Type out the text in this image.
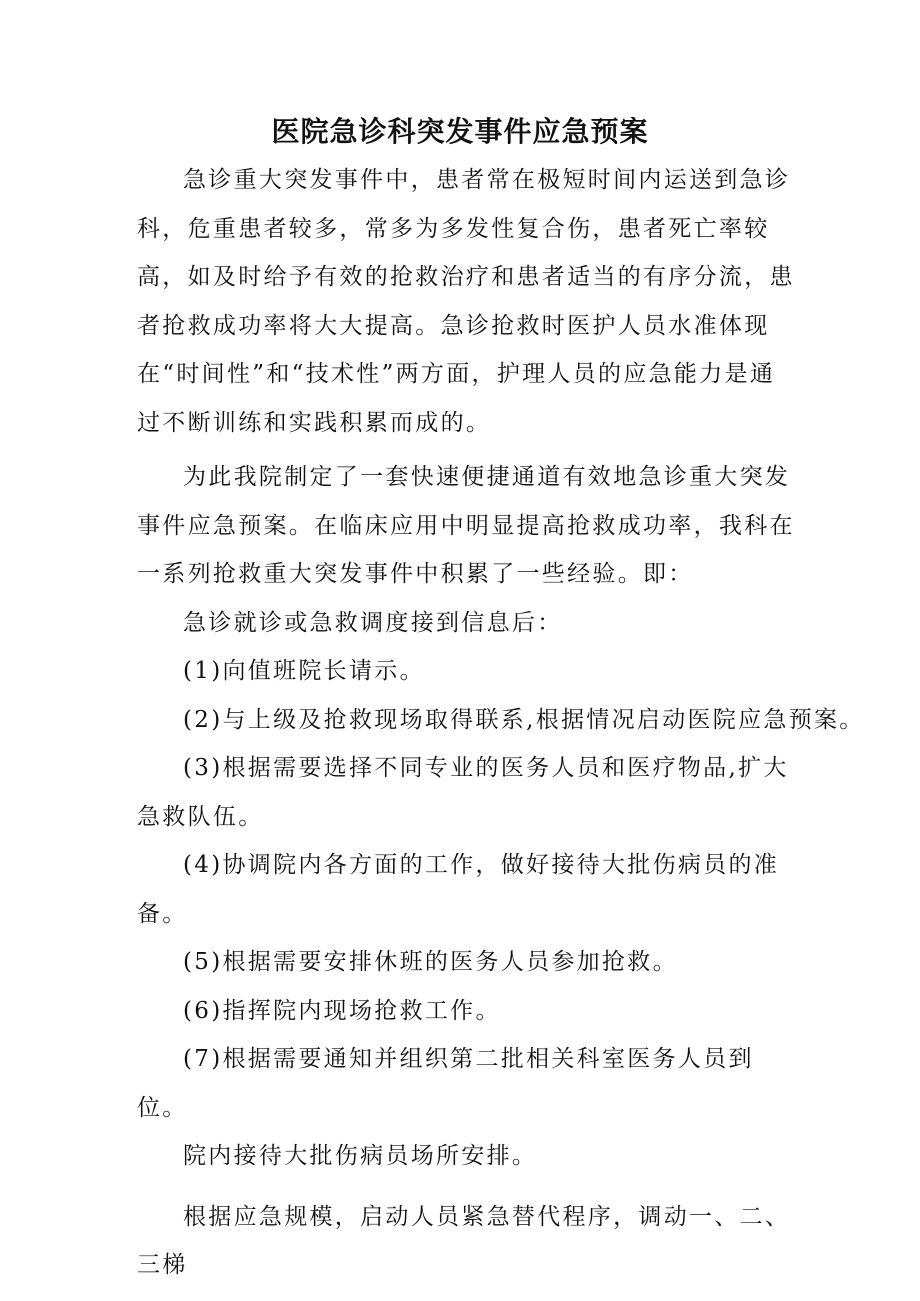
医院急诊科突发事件应急预案

急诊重大突发事件中，患者常在极短时间内运送到急诊科，危重患者较多，常多为多发性复合伤，患者死亡率较高，如及时给予有效的抢救治疗和患者适当的有序分流，患者抢救成功率将大大提高。急诊抢救时医护人员水准体现在“时间性”和“技术性”两方面，护理人员的应急能力是通过不断训练和实践积累而成的。

为此我院制定了一套快速便捷通道有效地急诊重大突发事件应急预案。在临床应用中明显提高抢救成功率，我科在一系列抢救重大突发事件中积累了一些经验。即：

急诊就诊或急救调度接到信息后：

(1)向值班院长请示。

(2)与上级及抢救现场取得联系,根据情况启动医院应急预案。

(3)根据需要选择不同专业的医务人员和医疗物品,扩大急救队伍。

(4)协调院内各方面的工作，做好接待大批伤病员的准备。

(5)根据需要安排休班的医务人员参加抢救。

(6)指挥院内现场抢救工作。

(7)根据需要通知并组织第二批相关科室医务人员到位。

院内接待大批伤病员场所安排。

根据应急规模，启动人员紧急替代程序，调动一、二、三梯
